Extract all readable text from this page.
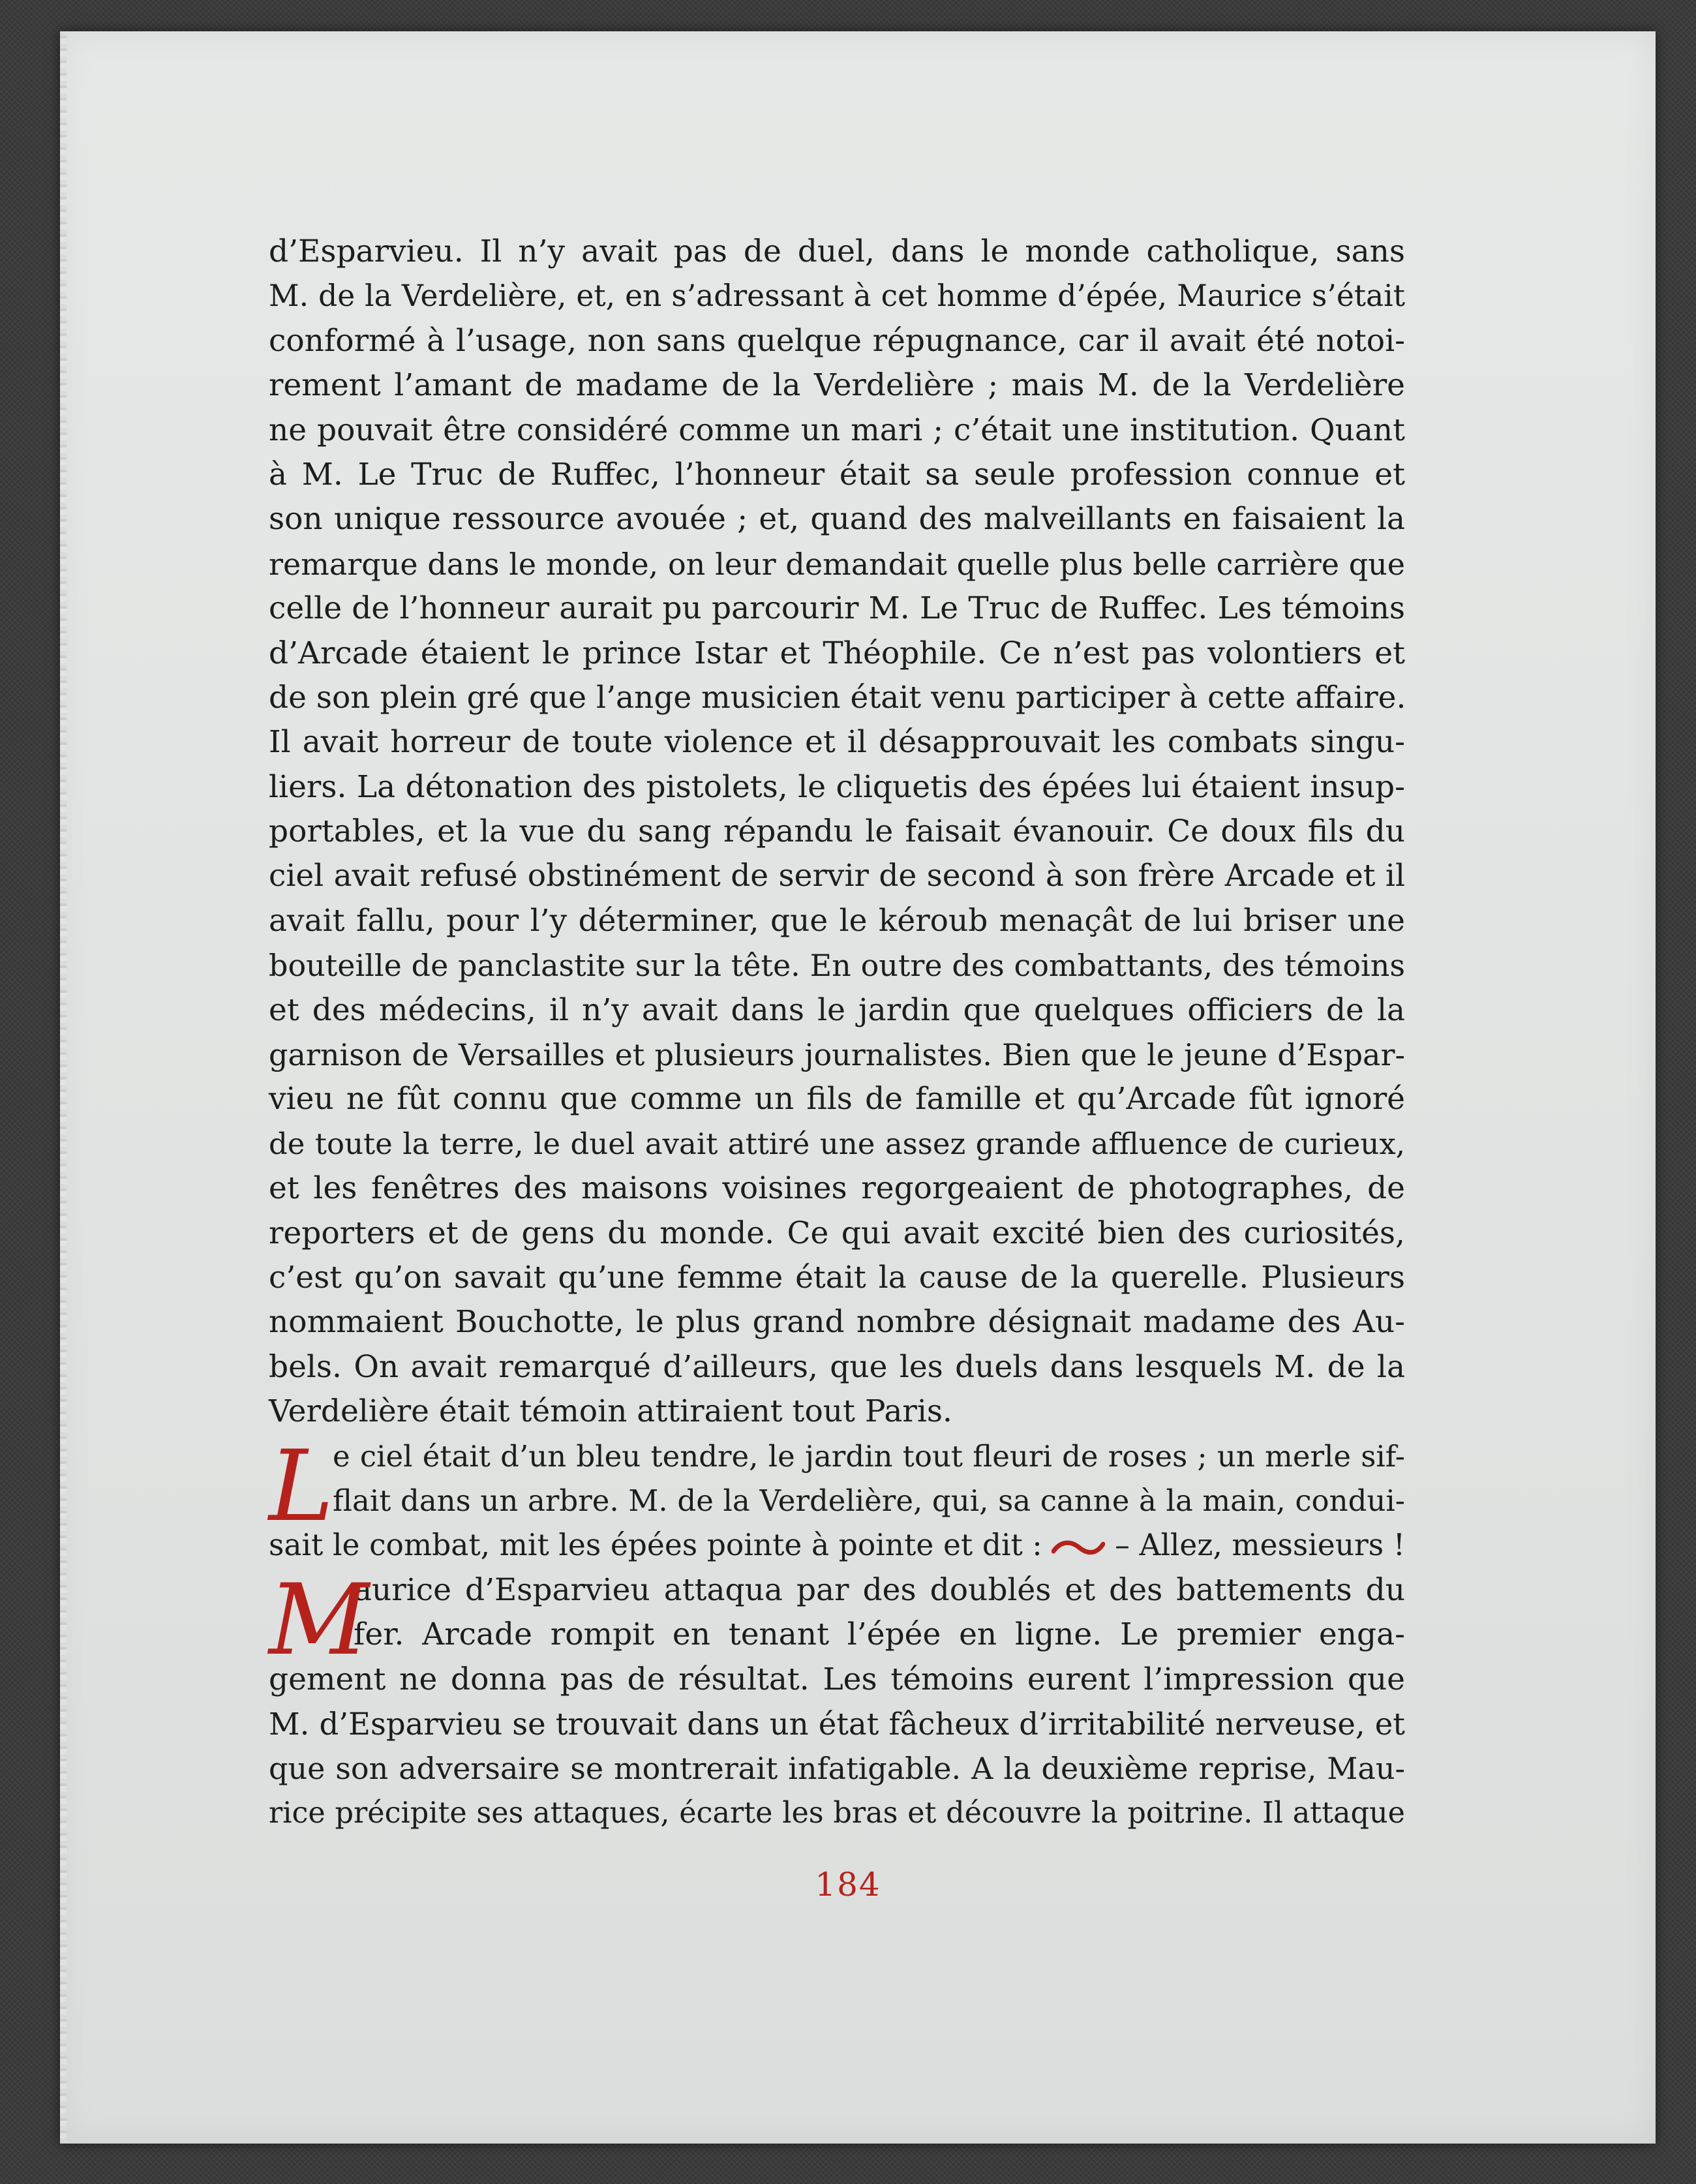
d’Esparvieu. Il n’y avait pas de duel, dans le monde catholique, sans
M. de la Verdelière, et, en s’adressant à cet homme d’épée, Maurice s’était
conformé à l’usage, non sans quelque répugnance, car il avait été notoi-
rement l’amant de madame de la Verdelière ; mais M. de la Verdelière
ne pouvait être considéré comme un mari ; c’était une institution. Quant
à M. Le Truc de Ruffec, l’honneur était sa seule profession connue et
son unique ressource avouée ; et, quand des malveillants en faisaient la
remarque dans le monde, on leur demandait quelle plus belle carrière que
celle de l’honneur aurait pu parcourir M. Le Truc de Ruffec. Les témoins
d’Arcade étaient le prince Istar et Théophile. Ce n’est pas volontiers et
de son plein gré que l’ange musicien était venu participer à cette affaire.
Il avait horreur de toute violence et il désapprouvait les combats singu-
liers. La détonation des pistolets, le cliquetis des épées lui étaient insup-
portables, et la vue du sang répandu le faisait évanouir. Ce doux fils du
ciel avait refusé obstinément de servir de second à son frère Arcade et il
avait fallu, pour l’y déterminer, que le kéroub menaçât de lui briser une
bouteille de panclastite sur la tête. En outre des combattants, des témoins
et des médecins, il n’y avait dans le jardin que quelques officiers de la
garnison de Versailles et plusieurs journalistes. Bien que le jeune d’Espar-
vieu ne fût connu que comme un fils de famille et qu’Arcade fût ignoré
de toute la terre, le duel avait attiré une assez grande affluence de curieux,
et les fenêtres des maisons voisines regorgeaient de photographes, de
reporters et de gens du monde. Ce qui avait excité bien des curiosités,
c’est qu’on savait qu’une femme était la cause de la querelle. Plusieurs
nommaient Bouchotte, le plus grand nombre désignait madame des Au-
bels. On avait remarqué d’ailleurs, que les duels dans lesquels M. de la
Verdelière était témoin attiraient tout Paris.
L
e ciel était d’un bleu tendre, le jardin tout fleuri de roses ; un merle sif-
flait dans un arbre. M. de la Verdelière, qui, sa canne à la main, condui-
sait le combat, mit les épées pointe à pointe et dit : – Allez, messieurs !
M
aurice d’Esparvieu attaqua par des doublés et des battements du
fer. Arcade rompit en tenant l’épée en ligne. Le premier enga-
gement ne donna pas de résultat. Les témoins eurent l’impression que
M. d’Esparvieu se trouvait dans un état fâcheux d’irritabilité nerveuse, et
que son adversaire se montrerait infatigable. A la deuxième reprise, Mau-
rice précipite ses attaques, écarte les bras et découvre la poitrine. Il attaque
184
